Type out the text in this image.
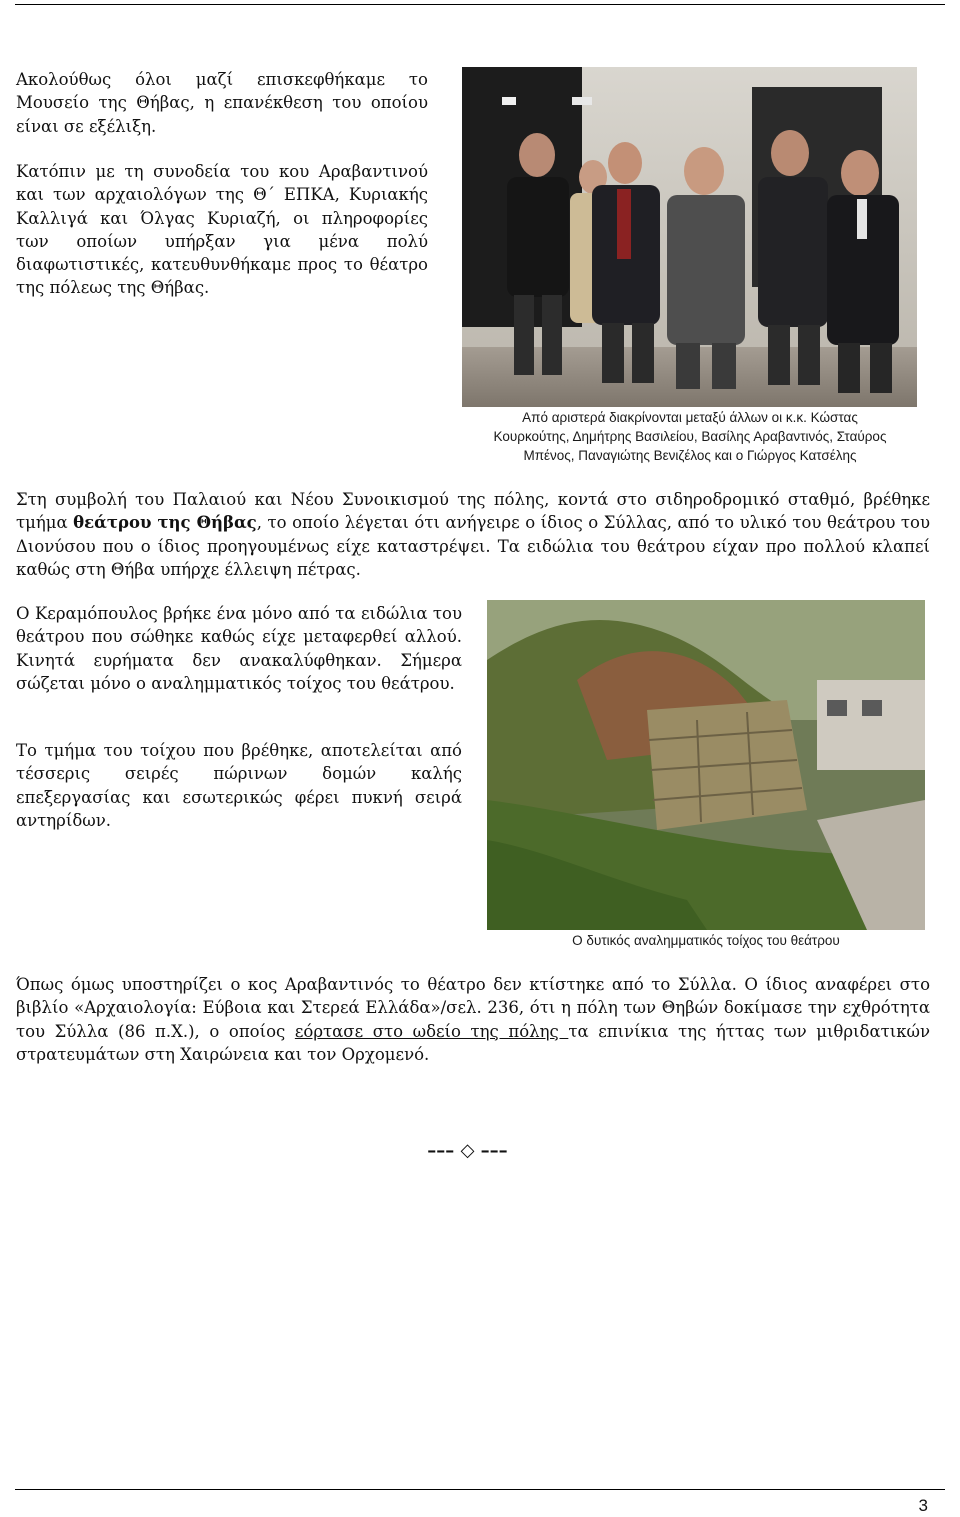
Ακολούθως όλοι μαζί επισκεφθήκαμε το Μουσείο της Θήβας, η επανέκθεση του οποίου είναι σε εξέλιξη.

Κατόπιν με τη συνοδεία του κου Αραβαντινού και των αρχαιολόγων της Θ΄ ΕΠΚΑ, Κυριακής Καλλιγά και Όλγας Κυριαζή, οι πληροφορίες των οποίων υπήρξαν για μένα πολύ διαφωτιστικές, κατευθυνθήκαμε προς το θέατρο της πόλεως της Θήβας.

Από αριστερά διακρίνονται μεταξύ άλλων οι κ.κ. Κώστας
Κουρκούτης, Δημήτρης Βασιλείου, Βασίλης Αραβαντινός, Σταύρος
Μπένος, Παναγιώτης Βενιζέλος και ο Γιώργος Κατσέλης

Στη συμβολή του Παλαιού και Νέου Συνοικισμού της πόλης, κοντά στο σιδηροδρομικό σταθμό, βρέθηκε τμήμα θεάτρου της Θήβας, το οποίο λέγεται ότι ανήγειρε ο ίδιος ο Σύλλας, από το υλικό του θεάτρου του Διονύσου που ο ίδιος προηγουμένως είχε καταστρέψει. Τα ειδώλια του θεάτρου είχαν προ πολλού κλαπεί καθώς στη Θήβα υπήρχε έλλειψη πέτρας.

Ο Κεραμόπουλος βρήκε ένα μόνο από τα ειδώλια του θεάτρου που σώθηκε καθώς είχε μεταφερθεί αλλού. Κινητά ευρήματα δεν ανακαλύφθηκαν. Σήμερα σώζεται μόνο ο αναλημματικός τοίχος του θεάτρου.

Το τμήμα του τοίχου που βρέθηκε, αποτελείται από τέσσερις σειρές πώρινων δομών καλής επεξεργασίας και εσωτερικώς φέρει πυκνή σειρά αντηρίδων.

Ο δυτικός αναλημματικός τοίχος του θεάτρου

Όπως όμως υποστηρίζει ο κος Αραβαντινός το θέατρο δεν κτίστηκε από το Σύλλα. Ο ίδιος αναφέρει στο βιβλίο «Αρχαιολογία: Εύβοια και Στερεά Ελλάδα»/σελ. 236, ότι η πόλη των Θηβών δοκίμασε την εχθρότητα του Σύλλα (86 π.Χ.), ο οποίος εόρτασε στο ωδείο της πόλης τα επινίκια της ήττας των μιθριδατικών στρατευμάτων στη Χαιρώνεια και τον Ορχομενό.

––– ◇ –––
3
